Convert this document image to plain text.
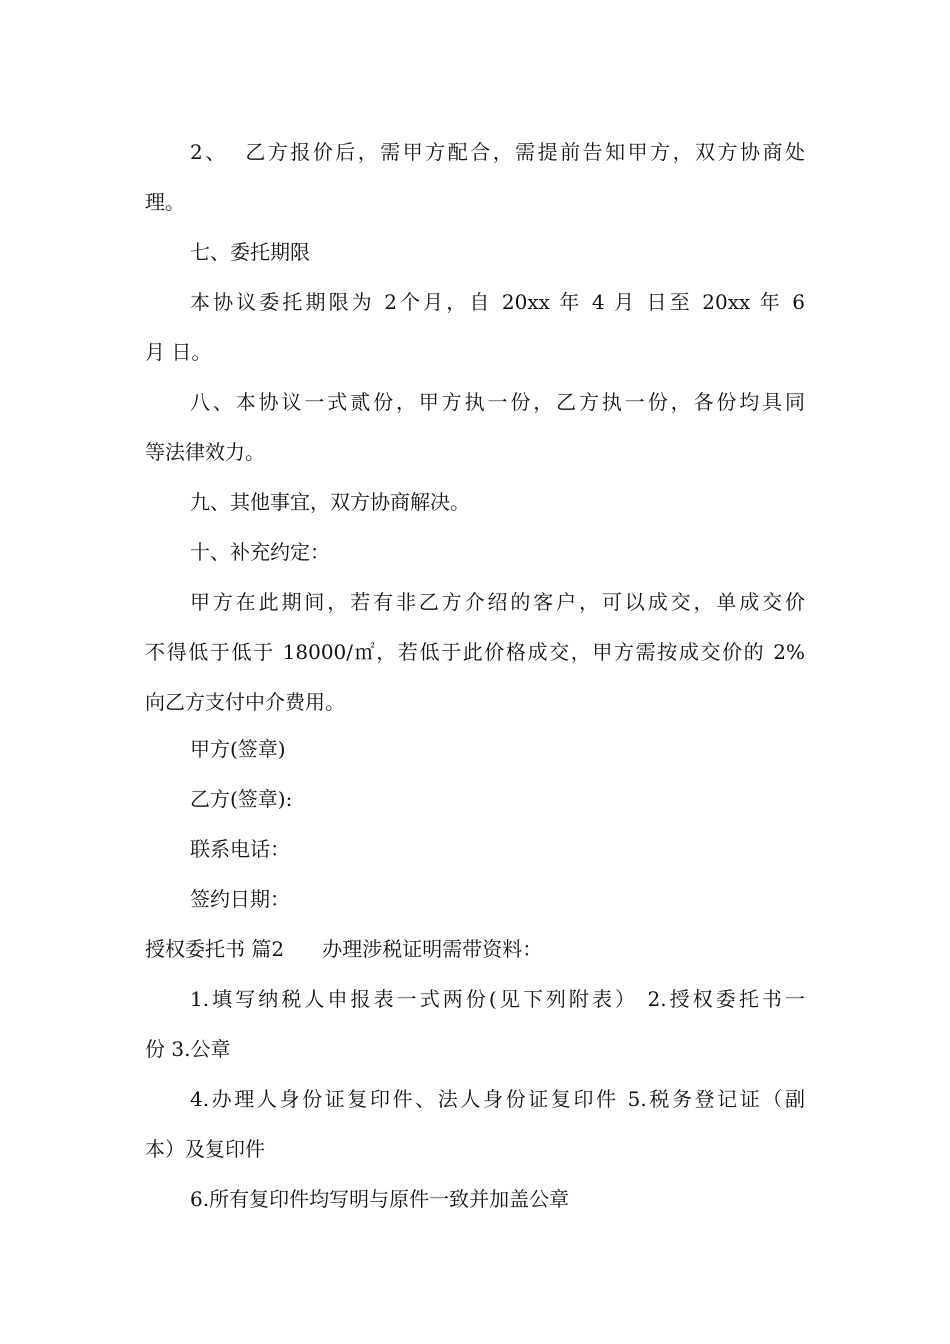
2、  乙方报价后，需甲方配合，需提前告知甲方，双方协商处
理。
七、委托期限
本协议委托期限为 2个月，自 20xx 年 4 月 日至 20xx 年 6
月 日。
八、本协议一式贰份，甲方执一份，乙方执一份，各份均具同
等法律效力。
九、其他事宜，双方协商解决。
十、补充约定：
甲方在此期间，若有非乙方介绍的客户，可以成交，单成交价
不得低于低于 18000/㎡，若低于此价格成交，甲方需按成交价的 2%
向乙方支付中介费用。
甲方(签章)
乙方(签章):
联系电话：
签约日期：
授权委托书 篇2      办理涉税证明需带资料：
1.填写纳税人申报表一式两份(见下列附表） 2.授权委托书一
份 3.公章
4.办理人身份证复印件、法人身份证复印件 5.税务登记证（副
本）及复印件
6.所有复印件均写明与原件一致并加盖公章
